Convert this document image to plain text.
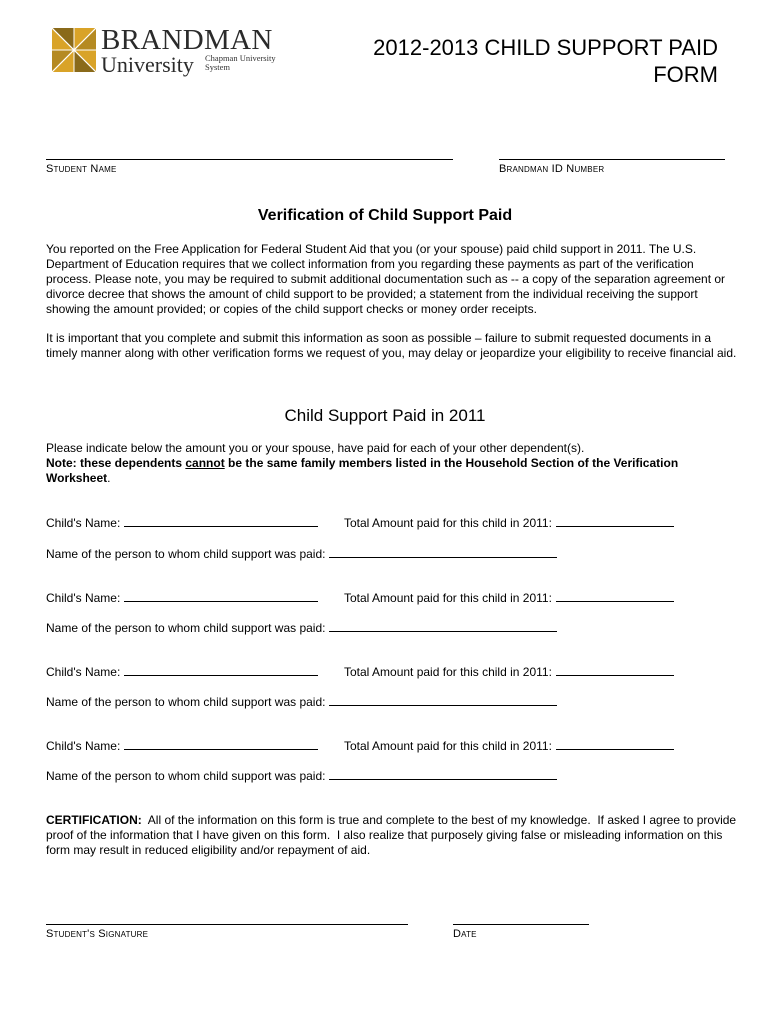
BRANDMAN
University Chapman University
System
2012-2013 CHILD SUPPORT PAID
FORM
Student Name	Brandman ID Number
Verification of Child Support Paid
You reported on the Free Application for Federal Student Aid that you (or your spouse) paid child support in 2011. The U.S. Department of Education requires that we collect information from you regarding these payments as part of the verification process. Please note, you may be required to submit additional documentation such as -- a copy of the separation agreement or divorce decree that shows the amount of child support to be provided; a statement from the individual receiving the support showing the amount provided; or copies of the child support checks or money order receipts.
It is important that you complete and submit this information as soon as possible – failure to submit requested documents in a timely manner along with other verification forms we request of you, may delay or jeopardize your eligibility to receive financial aid.
Child Support Paid in 2011
Please indicate below the amount you or your spouse, have paid for each of your other dependent(s).
Note: these dependents cannot be the same family members listed in the Household Section of the Verification Worksheet.
Child's Name:	Total Amount paid for this child in 2011:
Name of the person to whom child support was paid:
Child's Name:	Total Amount paid for this child in 2011:
Name of the person to whom child support was paid:
Child's Name:	Total Amount paid for this child in 2011:
Name of the person to whom child support was paid:
Child's Name:	Total Amount paid for this child in 2011:
Name of the person to whom child support was paid:
CERTIFICATION:  All of the information on this form is true and complete to the best of my knowledge.  If asked I agree to provide proof of the information that I have given on this form.  I also realize that purposely giving false or misleading information on this form may result in reduced eligibility and/or repayment of aid.
Student's Signature	Date
